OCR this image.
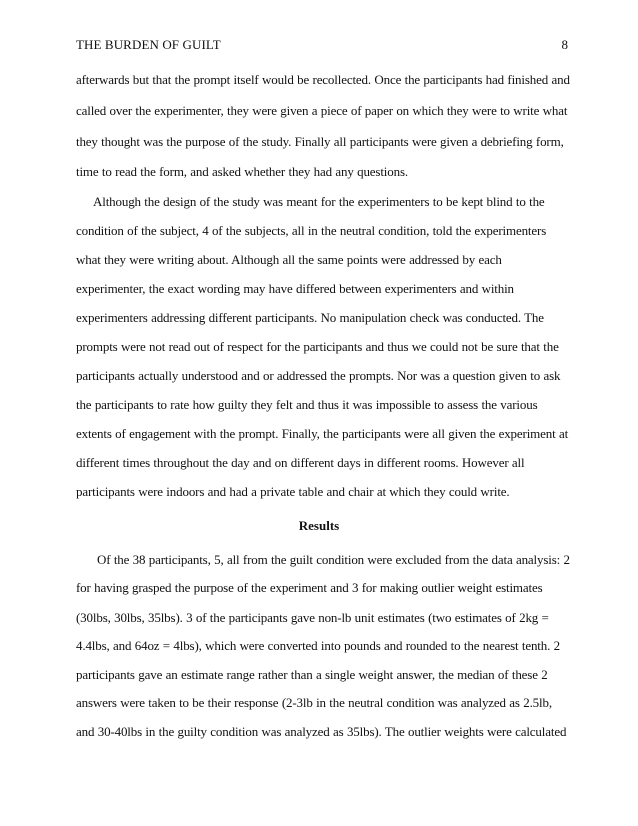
THE BURDEN OF GUILT	8
afterwards but that the prompt itself would be recollected. Once the participants had finished and
called over the experimenter, they were given a piece of paper on which they were to write what
they thought was the purpose of the study. Finally all participants were given a debriefing form,
time to read the form, and asked whether they had any questions.
Although the design of the study was meant for the experimenters to be kept blind to the
condition of the subject, 4 of the subjects, all in the neutral condition, told the experimenters
what they were writing about. Although all the same points were addressed by each
experimenter, the exact wording may have differed between experimenters and within
experimenters addressing different participants. No manipulation check was conducted. The
prompts were not read out of respect for the participants and thus we could not be sure that the
participants actually understood and or addressed the prompts. Nor was a question given to ask
the participants to rate how guilty they felt and thus it was impossible to assess the various
extents of engagement with the prompt. Finally, the participants were all given the experiment at
different times throughout the day and on different days in different rooms. However all
participants were indoors and had a private table and chair at which they could write.
Results
Of the 38 participants, 5, all from the guilt condition were excluded from the data analysis: 2
for having grasped the purpose of the experiment and 3 for making outlier weight estimates
(30lbs, 30lbs, 35lbs). 3 of the participants gave non-lb unit estimates (two estimates of 2kg =
4.4lbs, and 64oz = 4lbs), which were converted into pounds and rounded to the nearest tenth. 2
participants gave an estimate range rather than a single weight answer, the median of these 2
answers were taken to be their response (2-3lb in the neutral condition was analyzed as 2.5lb,
and 30-40lbs in the guilty condition was analyzed as 35lbs). The outlier weights were calculated
